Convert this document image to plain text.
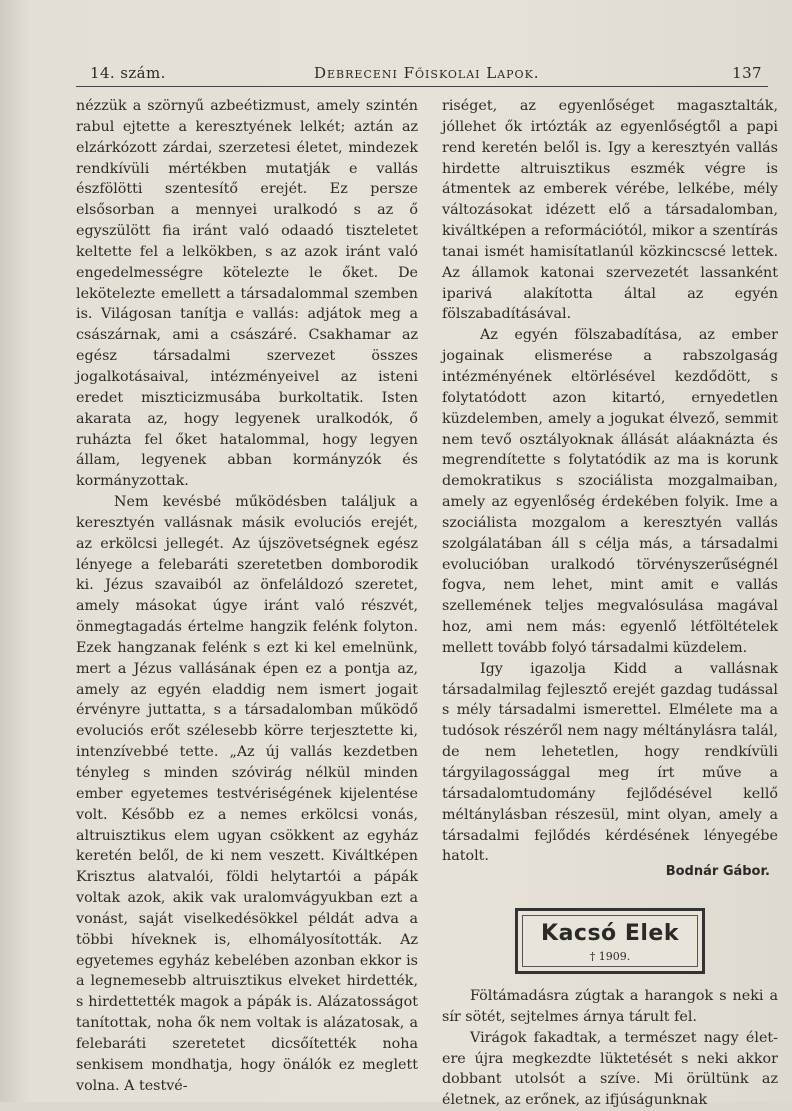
14. szám.	Debreceni Főiskolai Lapok.	137

nézzük a szörnyű azbeétizmust, amely szintén rabul ejtette a keresztyének lelkét; aztán az elzárkózott zárdai, szerzetesi életet, mindezek rendkívüli mértékben mutatják e vallás észfölötti szentesítő erejét. Ez persze elsősorban a mennyei uralkodó s az ő egyszülött fia iránt való odaadó tiszteletet keltette fel a lelkökben, s az azok iránt való engedelmességre kötelezte le őket. De lekötelezte emellett a társadalommal szemben is. Világosan tanítja e vallás: adjátok meg a császárnak, ami a császáré. Csakhamar az egész társadalmi szervezet összes jogalkotásaival, intézményeivel az isteni eredet miszticizmusába burkoltatik. Isten akarata az, hogy legyenek uralkodók, ő ruházta fel őket hatalommal, hogy legyen állam, legyenek abban kormányzók és kormányzottak.

Nem kevésbé működésben találjuk a keresztyén vallásnak másik evoluciós erejét, az erkölcsi jellegét. Az újszövetségnek egész lényege a felebaráti szeretetben domborodik ki. Jézus szavaiból az önfeláldozó szeretet, amely másokat úgye iránt való részvét, önmegtagadás értelme hangzik felénk folyton. Ezek hangzanak felénk s ezt ki kel emelnünk, mert a Jézus vallásának épen ez a pontja az, amely az egyén eladdig nem ismert jogait érvényre juttatta, s a társadalomban működő evoluciós erőt szélesebb körre terjesztette ki, intenzívebbé tette. „Az új vallás kezdetben tényleg s minden szóvirág nélkül minden ember egyetemes testvériségének kijelentése volt. Később ez a nemes erkölcsi vonás, altruisztikus elem ugyan csökkent az egyház keretén belől, de ki nem veszett. Kiváltképen Krisztus alatvalói, földi helytartói a pápák voltak azok, akik vak uralomvágyukban ezt a vonást, saját viselkedésökkel példát adva a többi híveknek is, elhomályosították. Az egyetemes egyház kebelében azonban ekkor is a legnemesebb altruisztikus elveket hirdették, s hirdettették magok a pápák is. Alázatosságot tanítottak, noha ők nem voltak is alázatosak, a felebaráti szeretetet dicsőítették noha senkisem mondhatja, hogy önálók ez meglett volna. A testvé-

riséget, az egyenlőséget magasztalták, jóllehet ők irtózták az egyenlőségtől a papi rend keretén belől is. Igy a keresztyén vallás hirdette altruisztikus eszmék végre is átmentek az emberek vérébe, lelkébe, mély változásokat idézett elő a társadalomban, kiváltképen a reformációtól, mikor a szentírás tanai ismét hamisítatlanúl közkincscsé lettek. Az államok katonai szervezetét lassanként iparivá alakította által az egyén fölszabadításával.

Az egyén fölszabadítása, az ember jogainak elismerése a rabszolgaság intézményének eltörlésével kezdődött, s folytatódott azon kitartó, ernyedetlen küzdelemben, amely a jogukat élvező, semmit nem tevő osztályoknak állását aláaknázta és megrendítette s folytatódik az ma is korunk demokratikus s szociálista mozgalmaiban, amely az egyenlőség érdekében folyik. Ime a szociálista mozgalom a keresztyén vallás szolgálatában áll s célja más, a társadalmi evolucióban uralkodó törvényszerűségnél fogva, nem lehet, mint amit e vallás szellemének teljes megvalósulása magával hoz, ami nem más: egyenlő létföltételek mellett tovább folyó társadalmi küzdelem.

Igy igazolja Kidd a vallásnak társadalmilag fejlesztő erejét gazdag tudással s mély társadalmi ismerettel. Elmélete ma a tudósok részéről nem nagy méltánylásra talál, de nem lehetetlen, hogy rendkívüli tárgyilagossággal meg írt műve a társadalomtudomány fejlődésével kellő méltánylásban részesül, mint olyan, amely a társadalmi fejlődés kérdésének lényegébe hatolt.

Bodnár Gábor.
Kacsó Elek
† 1909.

Föltámadásra zúgtak a harangok s neki a sír sötét, sejtelmes árnya tárult fel.

Virágok fakadtak, a természet nagy élet-ere újra megkezdte lüktetését s neki akkor dobbant utolsót a szíve. Mi örültünk az életnek, az erőnek, az ifjúságunknak
